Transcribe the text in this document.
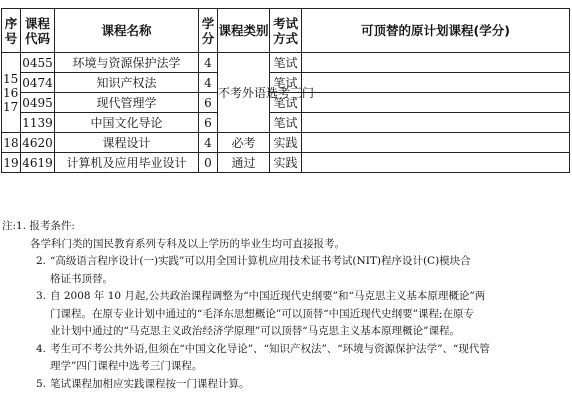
序号	课程代码	课程名称	学分	课程类别	考试方式	可顶替的原计划课程(学分)

15
16
17	0455	环境与资源保护法学	4	不考外语选考三门	笔试	
	0474	知识产权法	4		笔试	
	0495	现代管理学	6		笔试	
	1139	中国文化导论	6		笔试	
18	4620	课程设计	4	必考	实践	
19	4619	计算机及应用毕业设计	0	通过	实践	
注:1. 报考条件:
各学科门类的国民教育系列专科及以上学历的毕业生均可直接报考。
2. “高级语言程序设计(一)实践”可以用全国计算机应用技术证书考试(NIT)程序设计(C)模块合
格证书顶替。
3. 自 2008 年 10 月起,公共政治课程调整为“中国近现代史纲要”和“马克思主义基本原理概论”两
门课程。在原专业计划中通过的“毛泽东思想概论”可以顶替“中国近现代史纲要”课程;在原专
业计划中通过的“马克思主义政治经济学原理”可以顶替“马克思主义基本原理概论”课程。
4. 考生可不考公共外语,但须在“中国文化导论”、“知识产权法”、“环境与资源保护法学”、“现代管
理学”四门课程中选考三门课程。
5. 笔试课程加相应实践课程按一门课程计算。
